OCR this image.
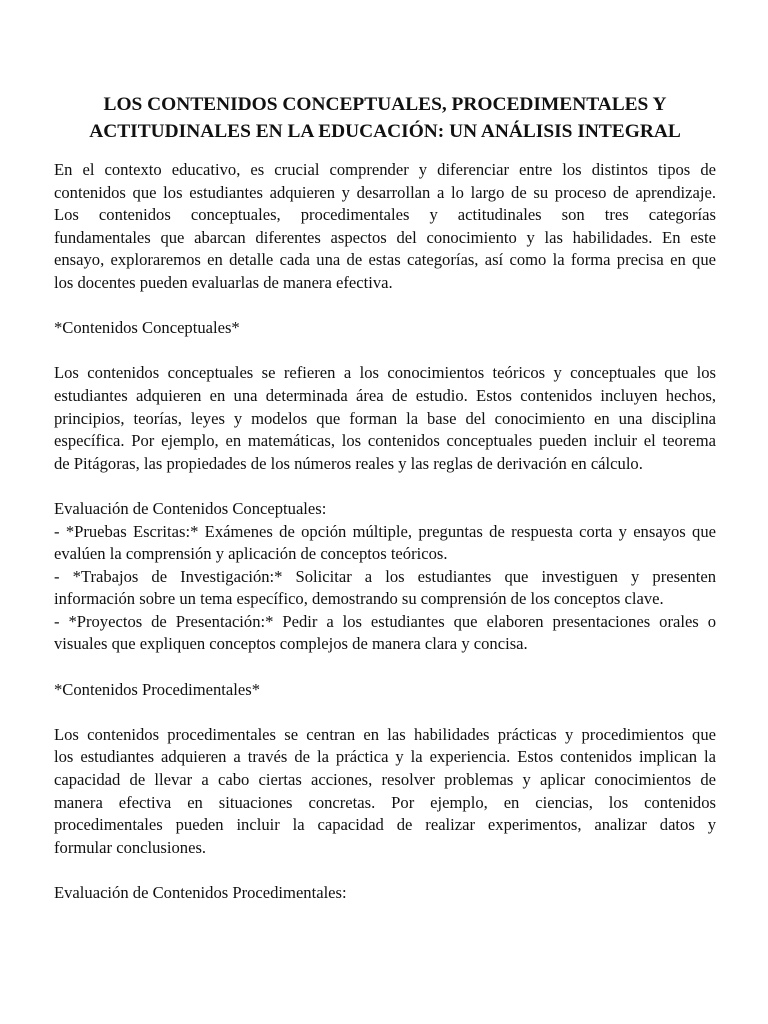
LOS CONTENIDOS CONCEPTUALES, PROCEDIMENTALES Y
ACTITUDINALES EN LA EDUCACIÓN: UN ANÁLISIS INTEGRAL

En el contexto educativo, es crucial comprender y diferenciar entre los distintos tipos de
contenidos que los estudiantes adquieren y desarrollan a lo largo de su proceso de aprendizaje.
Los contenidos conceptuales, procedimentales y actitudinales son tres categorías
fundamentales que abarcan diferentes aspectos del conocimiento y las habilidades. En este
ensayo, exploraremos en detalle cada una de estas categorías, así como la forma precisa en que
los docentes pueden evaluarlas de manera efectiva.

*Contenidos Conceptuales*

Los contenidos conceptuales se refieren a los conocimientos teóricos y conceptuales que los
estudiantes adquieren en una determinada área de estudio. Estos contenidos incluyen hechos,
principios, teorías, leyes y modelos que forman la base del conocimiento en una disciplina
específica. Por ejemplo, en matemáticas, los contenidos conceptuales pueden incluir el teorema
de Pitágoras, las propiedades de los números reales y las reglas de derivación en cálculo.

Evaluación de Contenidos Conceptuales:
- *Pruebas Escritas:* Exámenes de opción múltiple, preguntas de respuesta corta y ensayos que
evalúen la comprensión y aplicación de conceptos teóricos.
- *Trabajos de Investigación:* Solicitar a los estudiantes que investiguen y presenten
información sobre un tema específico, demostrando su comprensión de los conceptos clave.
- *Proyectos de Presentación:* Pedir a los estudiantes que elaboren presentaciones orales o
visuales que expliquen conceptos complejos de manera clara y concisa.

*Contenidos Procedimentales*

Los contenidos procedimentales se centran en las habilidades prácticas y procedimientos que
los estudiantes adquieren a través de la práctica y la experiencia. Estos contenidos implican la
capacidad de llevar a cabo ciertas acciones, resolver problemas y aplicar conocimientos de
manera efectiva en situaciones concretas. Por ejemplo, en ciencias, los contenidos
procedimentales pueden incluir la capacidad de realizar experimentos, analizar datos y
formular conclusiones.

Evaluación de Contenidos Procedimentales:
